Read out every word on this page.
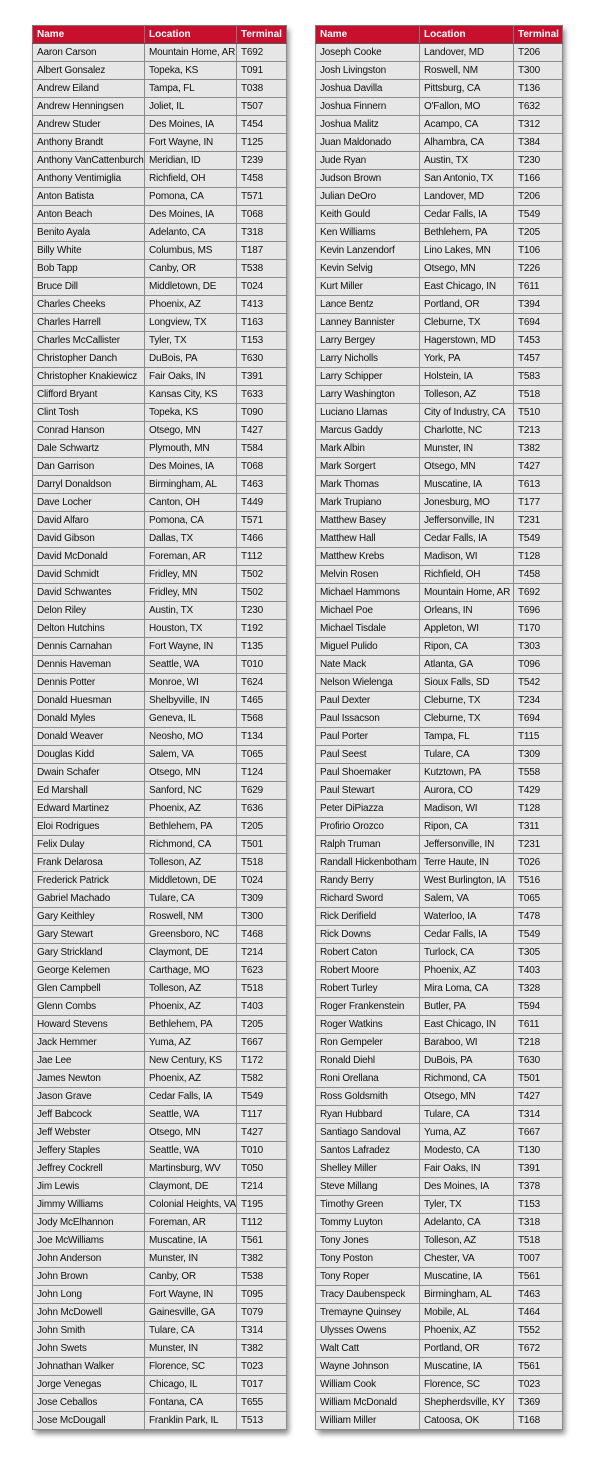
Name	Location	Terminal
Aaron Carson	Mountain Home, AR	T692
Albert Gonsalez	Topeka, KS	T091
Andrew Eiland	Tampa, FL	T038
Andrew Henningsen	Joliet, IL	T507
Andrew Studer	Des Moines, IA	T454
Anthony Brandt	Fort Wayne, IN	T125
Anthony VanCattenburch	Meridian, ID	T239
Anthony Ventimiglia	Richfield, OH	T458
Anton Batista	Pomona, CA	T571
Anton Beach	Des Moines, IA	T068
Benito Ayala	Adelanto, CA	T318
Billy White	Columbus, MS	T187
Bob Tapp	Canby, OR	T538
Bruce Dill	Middletown, DE	T024
Charles Cheeks	Phoenix, AZ	T413
Charles Harrell	Longview, TX	T163
Charles McCallister	Tyler, TX	T153
Christopher Danch	DuBois, PA	T630
Christopher Knakiewicz	Fair Oaks, IN	T391
Clifford Bryant	Kansas City, KS	T633
Clint Tosh	Topeka, KS	T090
Conrad Hanson	Otsego, MN	T427
Dale Schwartz	Plymouth, MN	T584
Dan Garrison	Des Moines, IA	T068
Darryl Donaldson	Birmingham, AL	T463
Dave Locher	Canton, OH	T449
David Alfaro	Pomona, CA	T571
David Gibson	Dallas, TX	T466
David McDonald	Foreman, AR	T112
David Schmidt	Fridley, MN	T502
David Schwantes	Fridley, MN	T502
Delon Riley	Austin, TX	T230
Delton Hutchins	Houston, TX	T192
Dennis Carnahan	Fort Wayne, IN	T135
Dennis Haveman	Seattle, WA	T010
Dennis Potter	Monroe, WI	T624
Donald Huesman	Shelbyville, IN	T465
Donald Myles	Geneva, IL	T568
Donald Weaver	Neosho, MO	T134
Douglas Kidd	Salem, VA	T065
Dwain Schafer	Otsego, MN	T124
Ed Marshall	Sanford, NC	T629
Edward Martinez	Phoenix, AZ	T636
Eloi Rodrigues	Bethlehem, PA	T205
Felix Dulay	Richmond, CA	T501
Frank Delarosa	Tolleson, AZ	T518
Frederick Patrick	Middletown, DE	T024
Gabriel Machado	Tulare, CA	T309
Gary Keithley	Roswell, NM	T300
Gary Stewart	Greensboro, NC	T468
Gary Strickland	Claymont, DE	T214
George Kelemen	Carthage, MO	T623
Glen Campbell	Tolleson, AZ	T518
Glenn Combs	Phoenix, AZ	T403
Howard Stevens	Bethlehem, PA	T205
Jack Hemmer	Yuma, AZ	T667
Jae Lee	New Century, KS	T172
James Newton	Phoenix, AZ	T582
Jason Grave	Cedar Falls, IA	T549
Jeff Babcock	Seattle, WA	T117
Jeff Webster	Otsego, MN	T427
Jeffery Staples	Seattle, WA	T010
Jeffrey Cockrell	Martinsburg, WV	T050
Jim Lewis	Claymont, DE	T214
Jimmy Williams	Colonial Heights, VA	T195
Jody McElhannon	Foreman, AR	T112
Joe McWilliams	Muscatine, IA	T561
John Anderson	Munster, IN	T382
John Brown	Canby, OR	T538
John Long	Fort Wayne, IN	T095
John McDowell	Gainesville, GA	T079
John Smith	Tulare, CA	T314
John Swets	Munster, IN	T382
Johnathan Walker	Florence, SC	T023
Jorge Venegas	Chicago, IL	T017
Jose Ceballos	Fontana, CA	T655
Jose McDougall	Franklin Park, IL	T513
Name	Location	Terminal
Joseph Cooke	Landover, MD	T206
Josh Livingston	Roswell, NM	T300
Joshua Davilla	Pittsburg, CA	T136
Joshua Finnern	O'Fallon, MO	T632
Joshua Malitz	Acampo, CA	T312
Juan Maldonado	Alhambra, CA	T384
Jude Ryan	Austin, TX	T230
Judson Brown	San Antonio, TX	T166
Julian DeOro	Landover, MD	T206
Keith Gould	Cedar Falls, IA	T549
Ken Williams	Bethlehem, PA	T205
Kevin Lanzendorf	Lino Lakes, MN	T106
Kevin Selvig	Otsego, MN	T226
Kurt Miller	East Chicago, IN	T611
Lance Bentz	Portland, OR	T394
Lanney Bannister	Cleburne, TX	T694
Larry Bergey	Hagerstown, MD	T453
Larry Nicholls	York, PA	T457
Larry Schipper	Holstein, IA	T583
Larry Washington	Tolleson, AZ	T518
Luciano Llamas	City of Industry, CA	T510
Marcus Gaddy	Charlotte, NC	T213
Mark Albin	Munster, IN	T382
Mark Sorgert	Otsego, MN	T427
Mark Thomas	Muscatine, IA	T613
Mark Trupiano	Jonesburg, MO	T177
Matthew Basey	Jeffersonville, IN	T231
Matthew Hall	Cedar Falls, IA	T549
Matthew Krebs	Madison, WI	T128
Melvin Rosen	Richfield, OH	T458
Michael Hammons	Mountain Home, AR	T692
Michael Poe	Orleans, IN	T696
Michael Tisdale	Appleton, WI	T170
Miguel Pulido	Ripon, CA	T303
Nate Mack	Atlanta, GA	T096
Nelson Wielenga	Sioux Falls, SD	T542
Paul Dexter	Cleburne, TX	T234
Paul Issacson	Cleburne, TX	T694
Paul Porter	Tampa, FL	T115
Paul Seest	Tulare, CA	T309
Paul Shoemaker	Kutztown, PA	T558
Paul Stewart	Aurora, CO	T429
Peter DiPiazza	Madison, WI	T128
Profirio Orozco	Ripon, CA	T311
Ralph Truman	Jeffersonville, IN	T231
Randall Hickenbotham	Terre Haute, IN	T026
Randy Berry	West Burlington, IA	T516
Richard Sword	Salem, VA	T065
Rick Derifield	Waterloo, IA	T478
Rick Downs	Cedar Falls, IA	T549
Robert Caton	Turlock, CA	T305
Robert Moore	Phoenix, AZ	T403
Robert Turley	Mira Loma, CA	T328
Roger Frankenstein	Butler, PA	T594
Roger Watkins	East Chicago, IN	T611
Ron Gempeler	Baraboo, WI	T218
Ronald Diehl	DuBois, PA	T630
Roni Orellana	Richmond, CA	T501
Ross Goldsmith	Otsego, MN	T427
Ryan Hubbard	Tulare, CA	T314
Santiago Sandoval	Yuma, AZ	T667
Santos Lafradez	Modesto, CA	T130
Shelley Miller	Fair Oaks, IN	T391
Steve Millang	Des Moines, IA	T378
Timothy Green	Tyler, TX	T153
Tommy Luyton	Adelanto, CA	T318
Tony Jones	Tolleson, AZ	T518
Tony Poston	Chester, VA	T007
Tony Roper	Muscatine, IA	T561
Tracy Daubenspeck	Birmingham, AL	T463
Tremayne Quinsey	Mobile, AL	T464
Ulysses Owens	Phoenix, AZ	T552
Walt Catt	Portland, OR	T672
Wayne Johnson	Muscatine, IA	T561
William Cook	Florence, SC	T023
William McDonald	Shepherdsville, KY	T369
William Miller	Catoosa, OK	T168
